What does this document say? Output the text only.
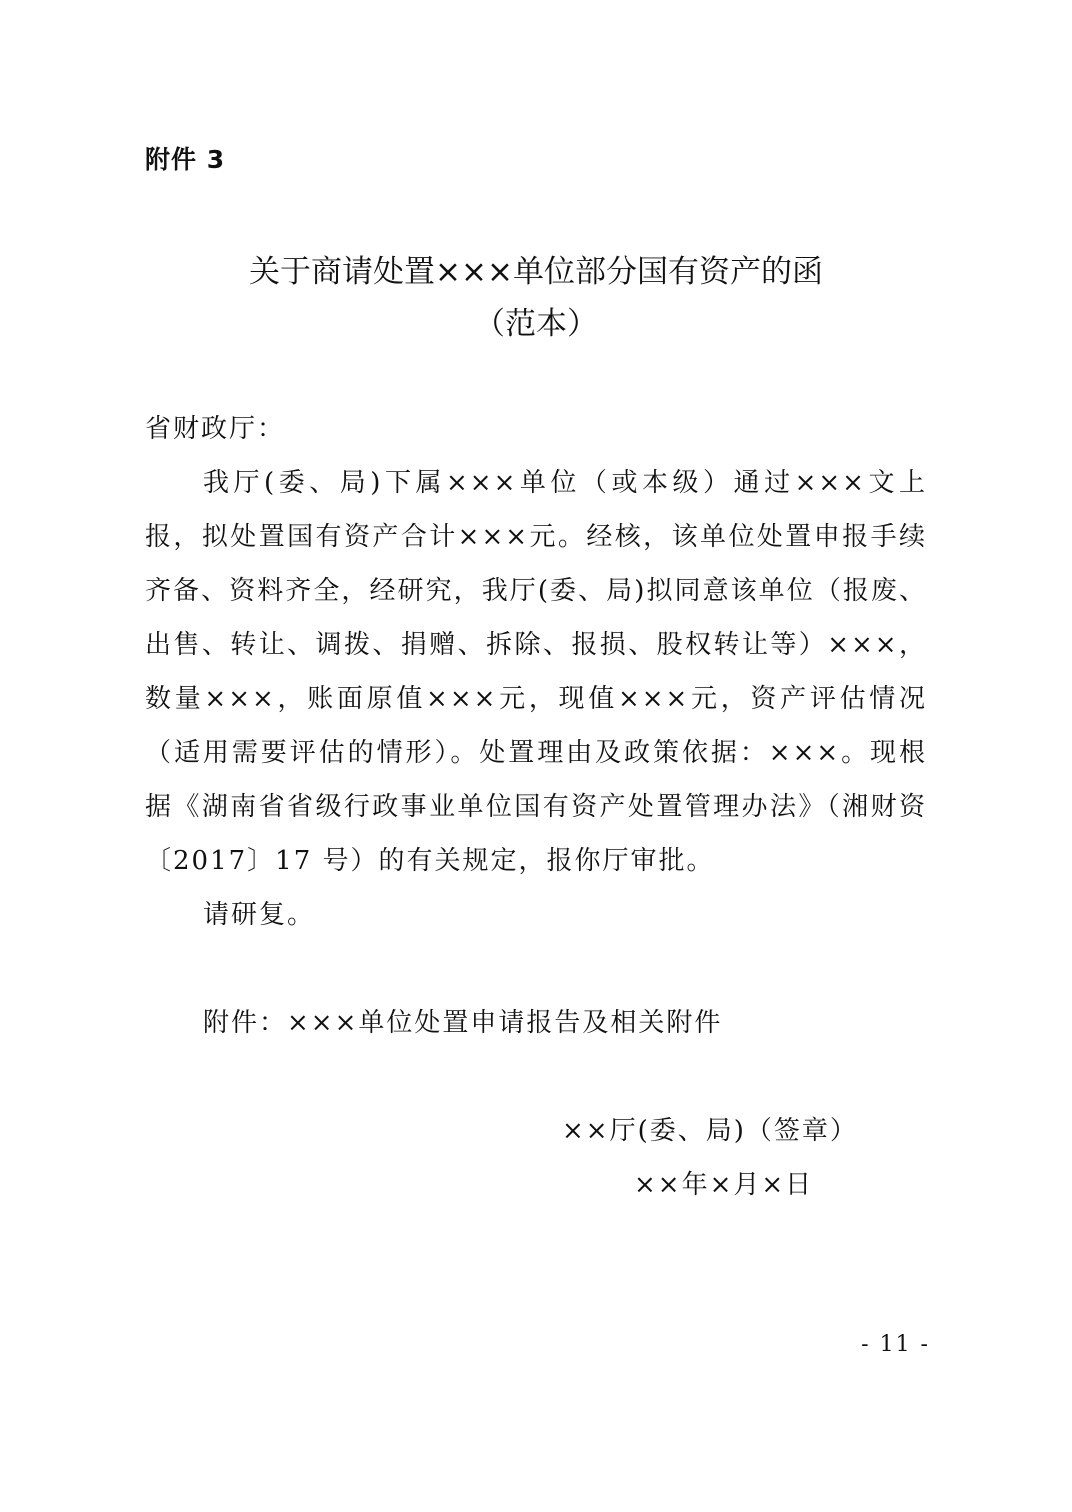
附件 3
关于商请处置×××单位部分国有资产的函
（范本）
省财政厅：
我厅(委、局)下属×××单位（或本级）通过×××文上报，拟处置国有资产合计×××元。经核，该单位处置申报手续齐备、资料齐全，经研究，我厅(委、局)拟同意该单位（报废、出售、转让、调拨、捐赠、拆除、报损、股权转让等）×××，数量×××，账面原值×××元，现值×××元，资产评估情况（适用需要评估的情形）。处置理由及政策依据：×××。现根据《湖南省省级行政事业单位国有资产处置管理办法》（湘财资〔2017〕17 号）的有关规定，报你厅审批。
请研复。
附件：×××单位处置申请报告及相关附件
××厅(委、局)（签章）
××年×月×日
- 11 -
